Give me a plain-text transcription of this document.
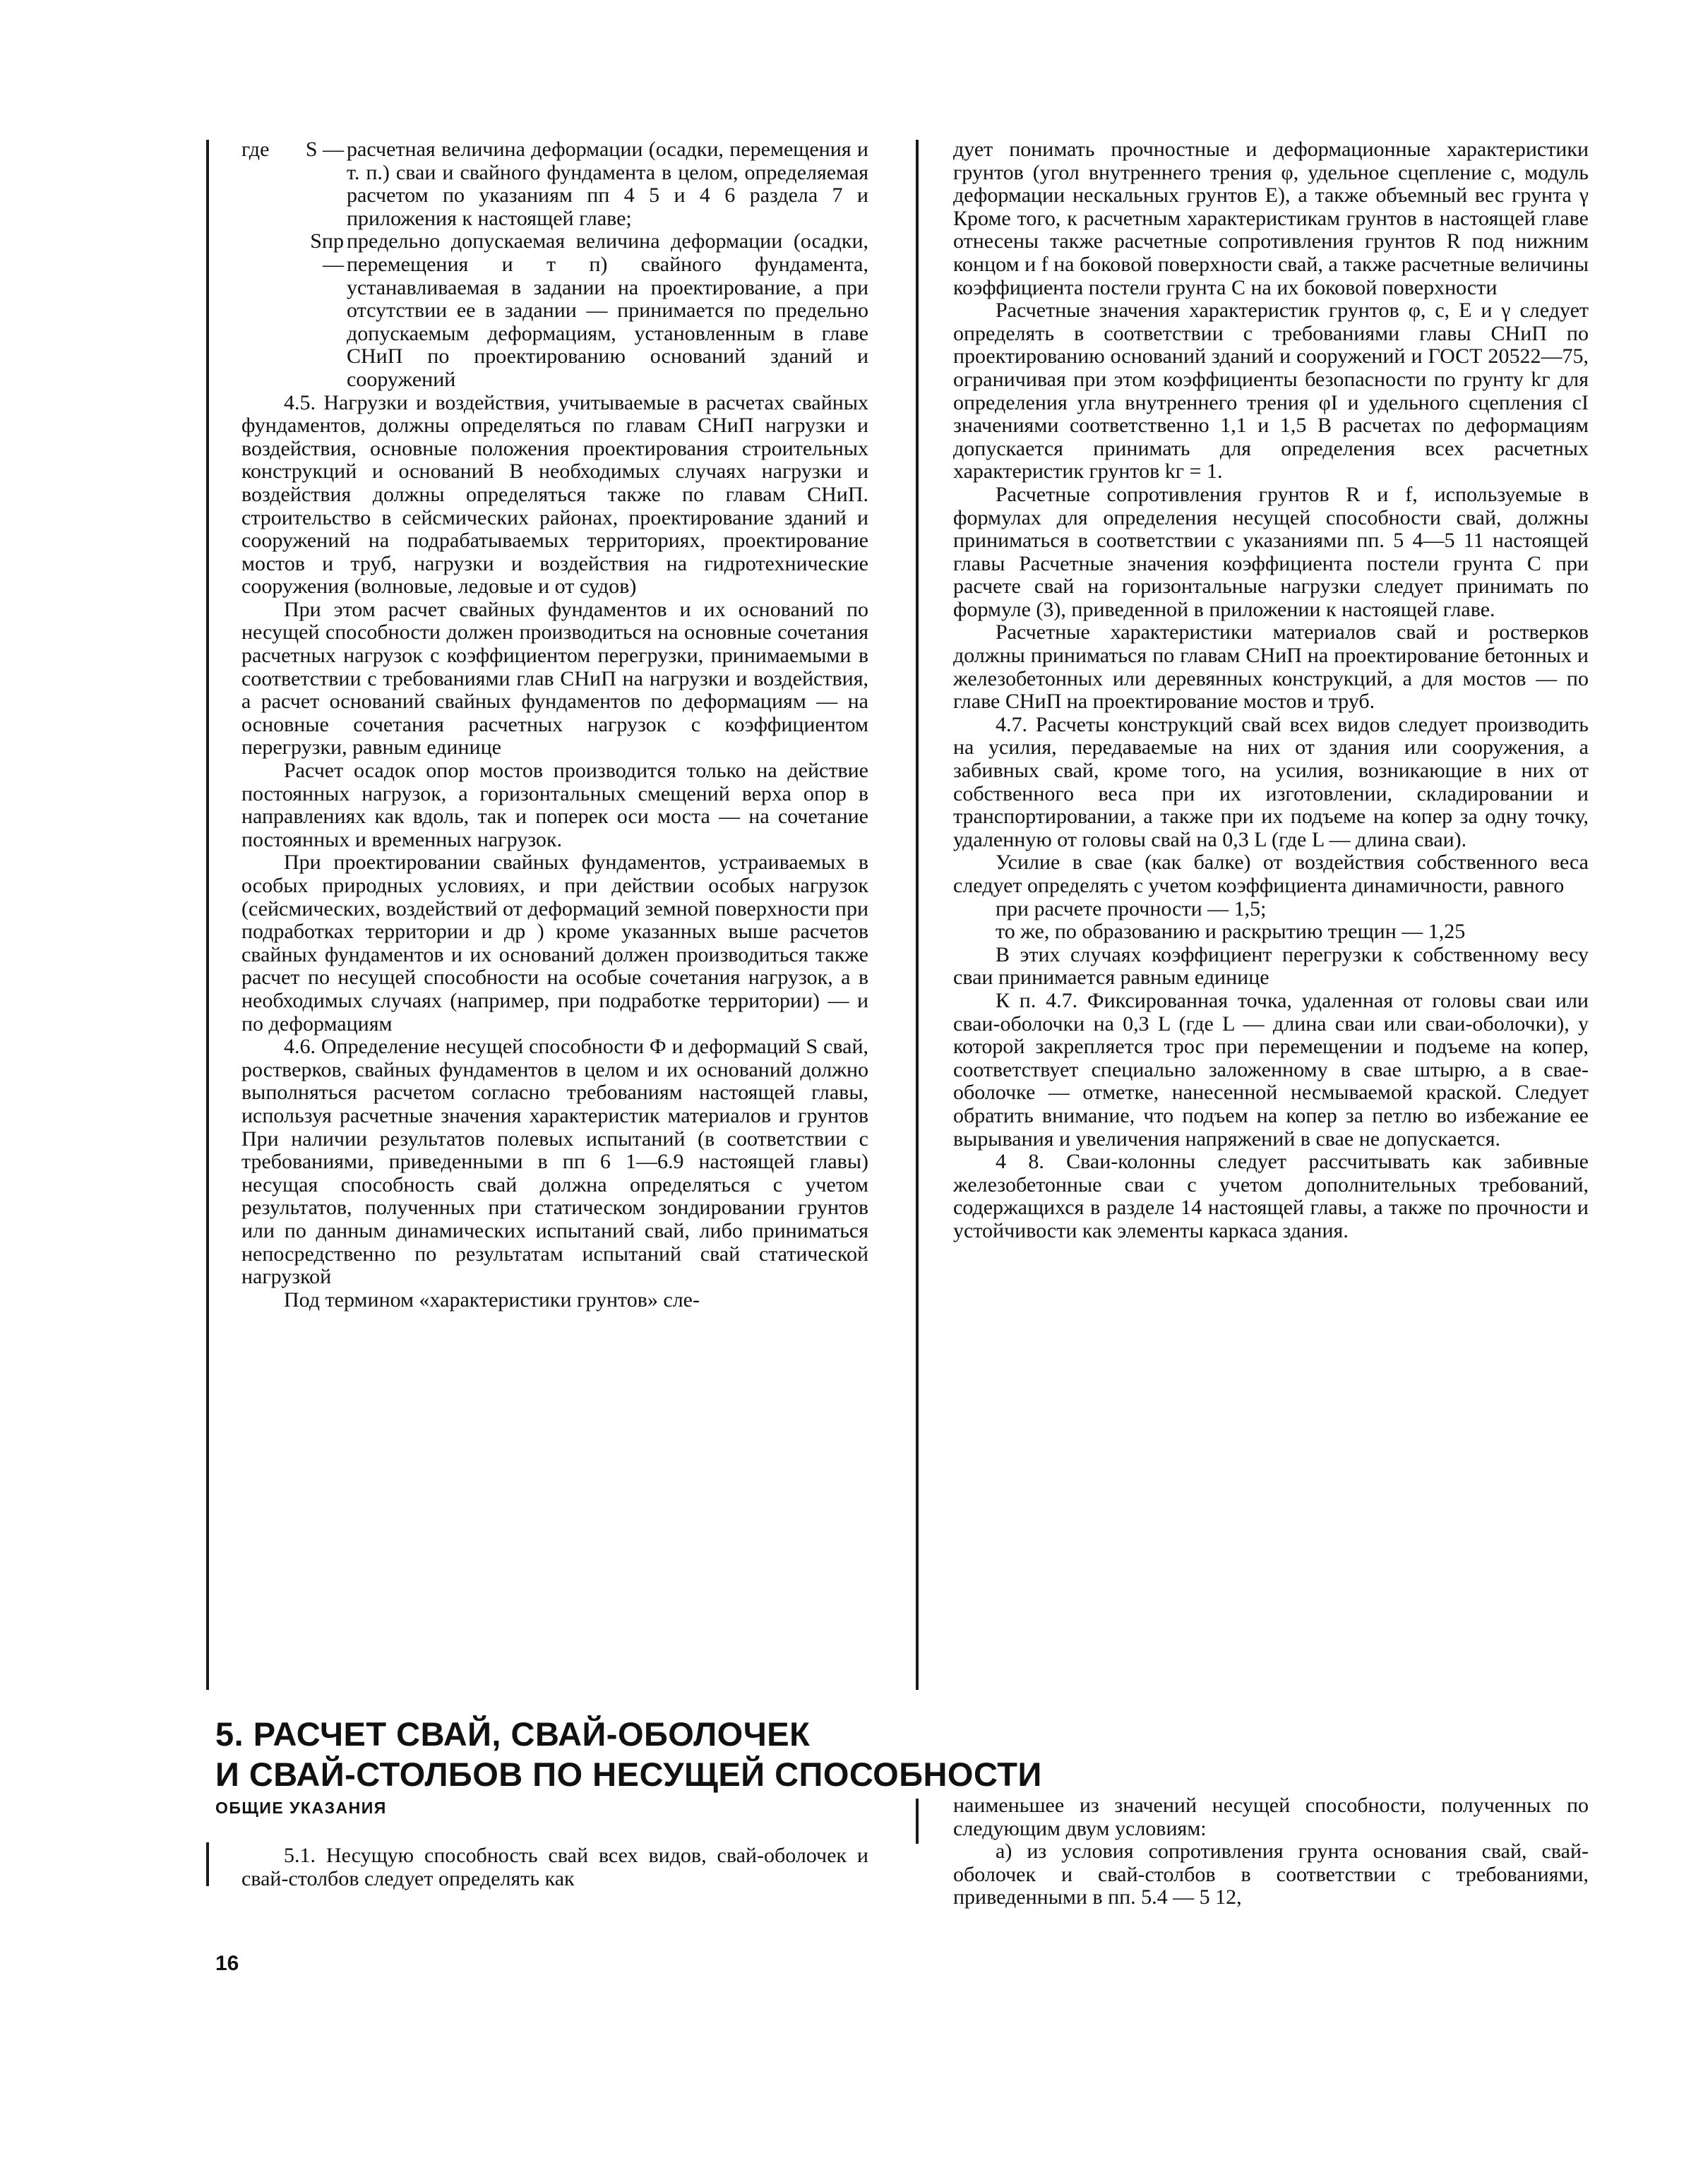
где	S — расчетная величина деформации (осадки, перемещения и т. п.) сваи и свайного фундамента в целом, определяемая расчетом по указаниям пп 4 5 и 4 6 раздела 7 и приложения к настоящей главе;
Sпр —
предельно допускаемая величина деформации (осадки, перемещения и т п) свайного фундамента, устанавливаемая в задании на проектирование, а при отсутствии ее в задании — принимается по предельно допускаемым деформациям, установленным в главе СНиП по проектированию оснований зданий и сооружений

4.5. Нагрузки и воздействия, учитываемые в расчетах свайных фундаментов, должны определяться по главам СНиП нагрузки и воздействия, основные положения проектирования строительных конструкций и оснований В необходимых случаях нагрузки и воздействия должны определяться также по главам СНиП. строительство в сейсмических районах, проектирование зданий и сооружений на подрабатываемых территориях, проектирование мостов и труб, нагрузки и воздействия на гидротехнические сооружения (волновые, ледовые и от судов)

При этом расчет свайных фундаментов и их оснований по несущей способности должен производиться на основные сочетания расчетных нагрузок с коэффициентом перегрузки, принимаемыми в соответствии с требованиями глав СНиП на нагрузки и воздействия, а расчет оснований свайных фундаментов по деформациям — на основные сочетания расчетных нагрузок с коэффициентом перегрузки, равным единице

Расчет осадок опор мостов производится только на действие постоянных нагрузок, а горизонтальных смещений верха опор в направлениях как вдоль, так и поперек оси моста — на сочетание постоянных и временных нагрузок.

При проектировании свайных фундаментов, устраиваемых в особых природных условиях, и при действии особых нагрузок (сейсмических, воздействий от деформаций земной поверхности при подработках территории и др ) кроме указанных выше расчетов свайных фундаментов и их оснований должен производиться также расчет по несущей способности на особые сочетания нагрузок, а в необходимых случаях (например, при подработке территории) — и по деформациям

4.6. Определение несущей способности Ф и деформаций S свай, ростверков, свайных фундаментов в целом и их оснований должно выполняться расчетом согласно требованиям настоящей главы, используя расчетные значения характеристик материалов и грунтов При наличии результатов полевых испытаний (в соответствии с требованиями, приведенными в пп 6 1—6.9 настоящей главы) несущая способность свай должна определяться с учетом результатов, полученных при статическом зондировании грунтов или по данным динамических испытаний свай, либо приниматься непосредственно по результатам испытаний свай статической нагрузкой

Под термином «характеристики грунтов» сле-

дует понимать прочностные и деформационные характеристики грунтов (угол внутреннего трения φ, удельное сцепление с, модуль деформации нескальных грунтов Е), а также объемный вес грунта γ Кроме того, к расчетным характеристикам грунтов в настоящей главе отнесены также расчетные сопротивления грунтов R под нижним концом и f на боковой поверхности свай, а также расчетные величины коэффициента постели грунта С на их боковой поверхности

Расчетные значения характеристик грунтов φ, с, Е и γ следует определять в соответствии с требованиями главы СНиП по проектированию оснований зданий и сооружений и ГОСТ 20522—75, ограничивая при этом коэффициенты безопасности по грунту kг для определения угла внутреннего трения φI и удельного сцепления cI значениями соответственно 1,1 и 1,5 В расчетах по деформациям допускается принимать для определения всех расчетных характеристик грунтов kг = 1.

Расчетные сопротивления грунтов R и f, используемые в формулах для определения несущей способности свай, должны приниматься в соответствии с указаниями пп. 5 4—5 11 настоящей главы Расчетные значения коэффициента постели грунта С при расчете свай на горизонтальные нагрузки следует принимать по формуле (3), приведенной в приложении к настоящей главе.

Расчетные характеристики материалов свай и ростверков должны приниматься по главам СНиП на проектирование бетонных и железобетонных или деревянных конструкций, а для мостов — по главе СНиП на проектирование мостов и труб.

4.7. Расчеты конструкций свай всех видов следует производить на усилия, передаваемые на них от здания или сооружения, а забивных свай, кроме того, на усилия, возникающие в них от собственного веса при их изготовлении, складировании и транспортировании, а также при их подъеме на копер за одну точку, удаленную от головы свай на 0,3 L (где L — длина сваи).

Усилие в свае (как балке) от воздействия собственного веса следует определять с учетом коэффициента динамичности, равного

при расчете прочности — 1,5;

то же, по образованию и раскрытию трещин — 1,25

В этих случаях коэффициент перегрузки к собственному весу сваи принимается равным единице

К п. 4.7. Фиксированная точка, удаленная от головы сваи или сваи-оболочки на 0,3 L (где L — длина сваи или сваи-оболочки), у которой закрепляется трос при перемещении и подъеме на копер, соответствует специально заложенному в свае штырю, а в свае-оболочке — отметке, нанесенной несмываемой краской. Следует обратить внимание, что подъем на копер за петлю во избежание ее вырывания и увеличения напряжений в свае не допускается.

4 8. Сваи-колонны следует рассчитывать как забивные железобетонные сваи с учетом дополнительных требований, содержащихся в разделе 14 настоящей главы, а также по прочности и устойчивости как элементы каркаса здания.

5. РАСЧЕТ СВАЙ, СВАЙ-ОБОЛОЧЕК
И СВАЙ-СТОЛБОВ ПО НЕСУЩЕЙ СПОСОБНОСТИ
ОБЩИЕ УКАЗАНИЯ

5.1. Несущую способность свай всех видов, свай-оболочек и свай-столбов следует определять как

наименьшее из значений несущей способности, полученных по следующим двум условиям:

а) из условия сопротивления грунта основания свай, свай-оболочек и свай-столбов в соответствии с требованиями, приведенными в пп. 5.4 — 5 12,

16
